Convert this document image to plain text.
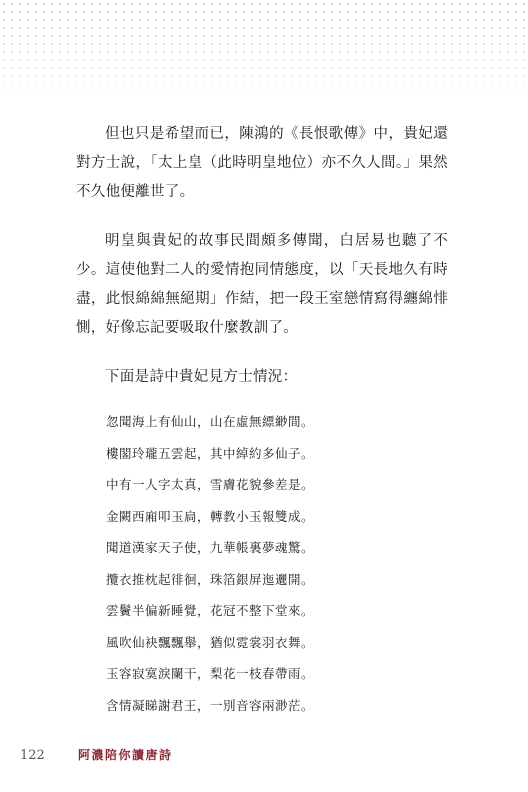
但也只是希望而已，陳鴻的《長恨歌傳》中，貴妃還對方士說，「太上皇（此時明皇地位）亦不久人間。」果然不久他便離世了。

明皇與貴妃的故事民間頗多傳聞，白居易也聽了不少。這使他對二人的愛情抱同情態度，以「天長地久有時盡，此恨綿綿無絕期」作結，把一段王室戀情寫得纏綿悱惻，好像忘記要吸取什麼教訓了。

下面是詩中貴妃見方士情況：

忽聞海上有仙山，山在虛無縹緲間。
樓閣玲瓏五雲起，其中綽約多仙子。
中有一人字太真，雪膚花貌參差是。
金闕西廂叩玉扃，轉教小玉報雙成。
聞道漢家天子使，九華帳裏夢魂驚。
攬衣推枕起徘徊，珠箔銀屏迤邐開。
雲鬢半偏新睡覺，花冠不整下堂來。
風吹仙袂飄飄舉，猶似霓裳羽衣舞。
玉容寂寞淚闌干，梨花一枝春帶雨。
含情凝睇謝君王，一別音容兩渺茫。
122	阿濃陪你讀唐詩
